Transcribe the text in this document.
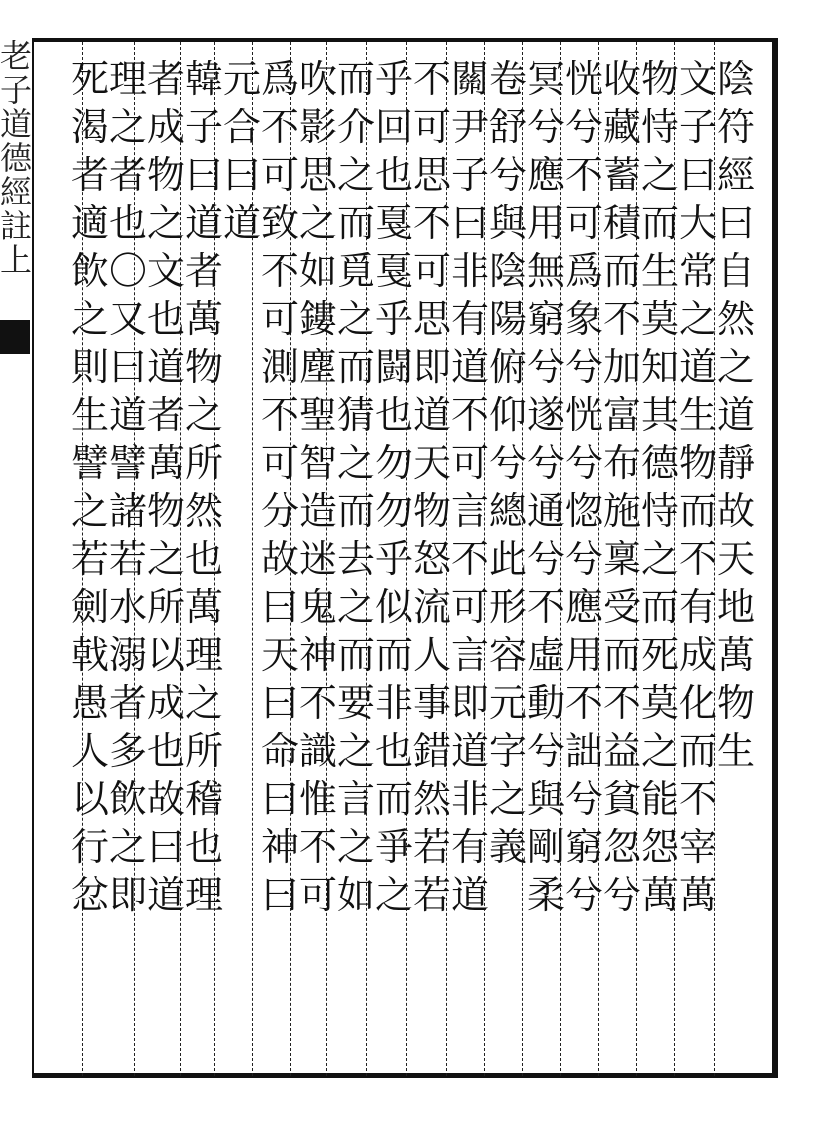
老
子
道
德
經
註
上
陰
符
經
曰
自
然
之
道
靜
故
天
地
萬
物
生
文
子
曰
大
常
之
道
生
物
而
不
有
成
化
而
不
宰
萬
物
恃
之
而
生
莫
知
其
德
恃
之
而
死
莫
之
能
怨
萬
收
藏
蓄
積
而
不
加
富
布
施
稟
受
而
不
益
貧
忽
兮
恍
兮
不
可
爲
象
兮
恍
兮
惚
兮
應
用
不
詘
兮
窮
兮
冥
兮
應
用
無
窮
兮
遂
兮
通
兮
不
虛
動
兮
與
剛
柔
卷
舒
兮
與
陰
陽
俯
仰
兮
總
此
形
容
元
字
之
義
關
尹
子
曰
非
有
道
不
可
言
不
可
言
即
道
非
有
道
不
可
思
不
可
思
即
道
天
物
怒
流
人
事
錯
然
若
若
乎
回
也
戛
戛
乎
闘
也
勿
勿
乎
似
而
非
也
而
爭
之
而
介
之
而
覓
之
而
猜
之
而
去
之
而
要
之
言
之
如
吹
影
思
之
如
鏤
塵
聖
智
造
迷
鬼
神
不
識
惟
不
可
爲
不
可
致
不
可
測
不
可
分
故
曰
天
曰
命
曰
神
曰
元
合
曰
道
韓
子
曰
道
者
萬
物
之
所
然
也
萬
理
之
所
稽
也
理
者
成
物
之
文
也
道
者
萬
物
之
所
以
成
也
故
曰
道
理
之
者
也
〇
又
曰
道
譬
諸
若
水
溺
者
多
飲
之
即
死
渴
者
適
飲
之
則
生
譬
之
若
劍
戟
愚
人
以
行
忿
